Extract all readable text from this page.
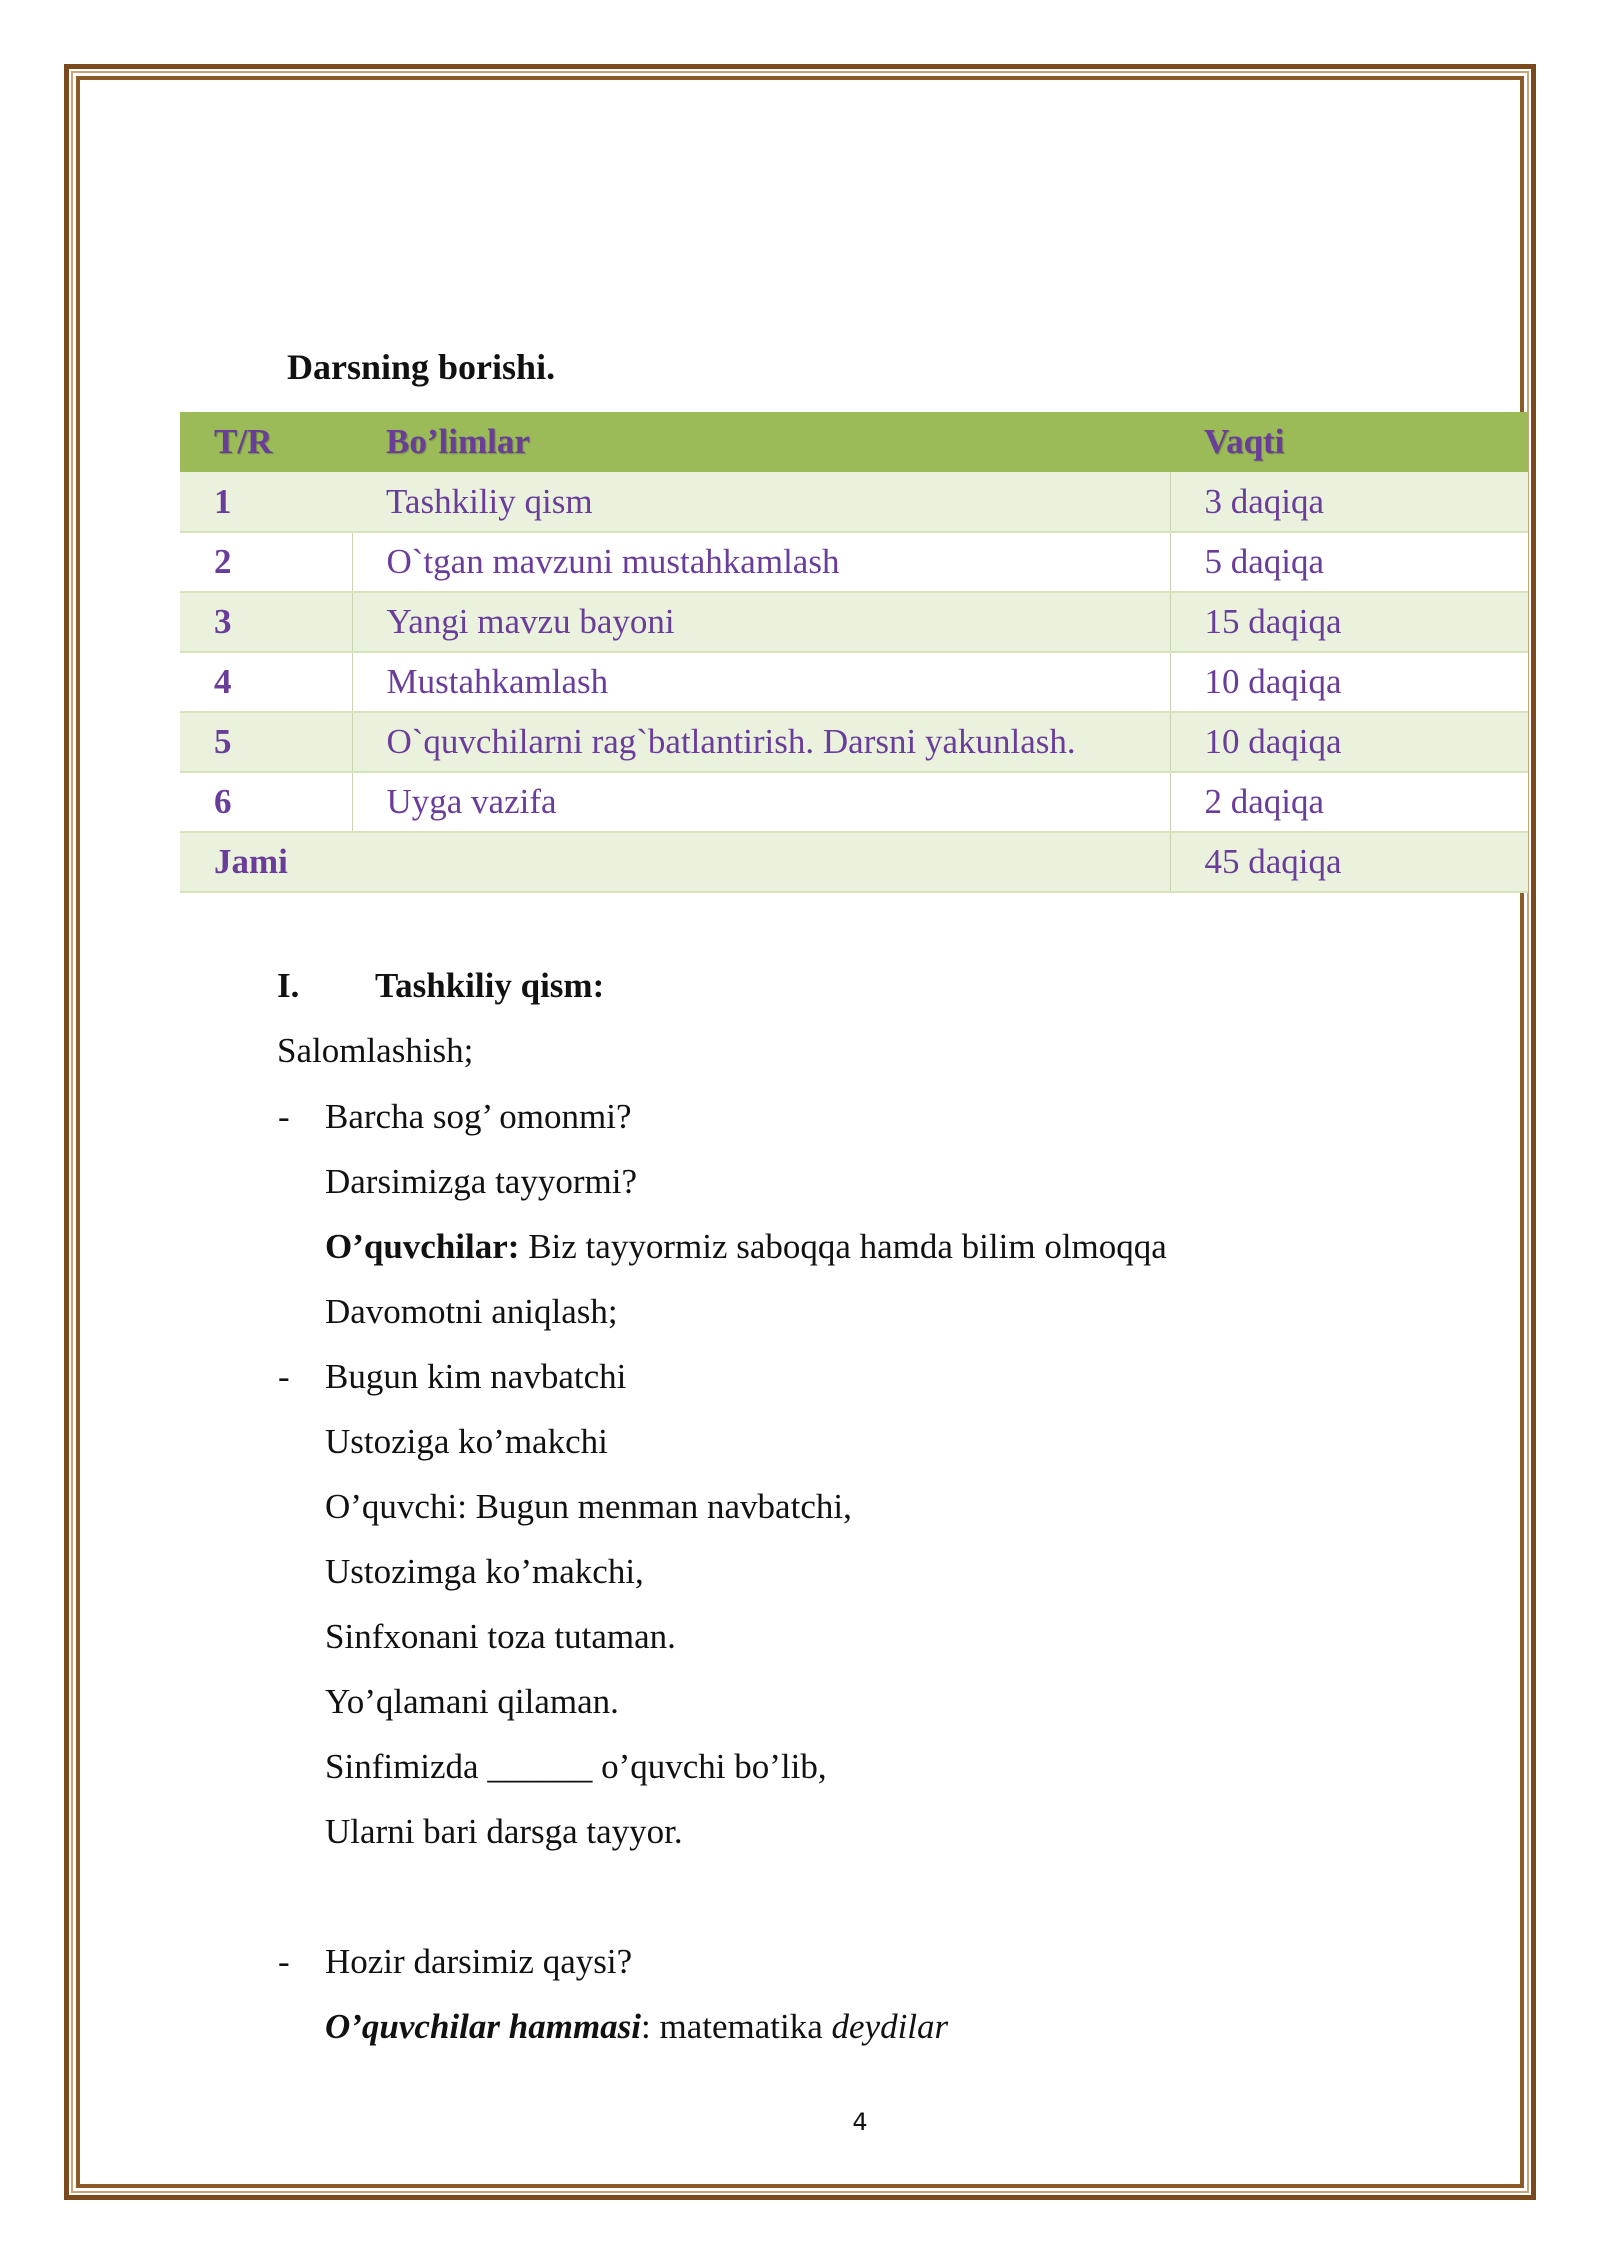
Darsning borishi.
T/R	Bo’limlar	Vaqti
1	Tashkiliy qism	3 daqiqa
2	O`tgan mavzuni mustahkamlash	5 daqiqa
3	Yangi mavzu bayoni	15 daqiqa
4	Mustahkamlash	10 daqiqa
5	O`quvchilarni rag`batlantirish. Darsni yakunlash.	10 daqiqa
6	Uyga vazifa	2 daqiqa
Jami		45 daqiqa
I. Tashkiliy qism:
Salomlashish;
- Barcha sog’ omonmi?
Darsimizga tayyormi?
O’quvchilar: Biz tayyormiz saboqqa hamda bilim olmoqqa
Davomotni aniqlash;
- Bugun kim navbatchi
Ustoziga ko’makchi
O’quvchi: Bugun menman navbatchi,
Ustozimga ko’makchi,
Sinfxonani toza tutaman.
Yo’qlamani qilaman.
Sinfimizda ______ o’quvchi bo’lib,
Ularni bari darsga tayyor.
- Hozir darsimiz qaysi?
O’quvchilar hammasi: matematika deydilar
4
